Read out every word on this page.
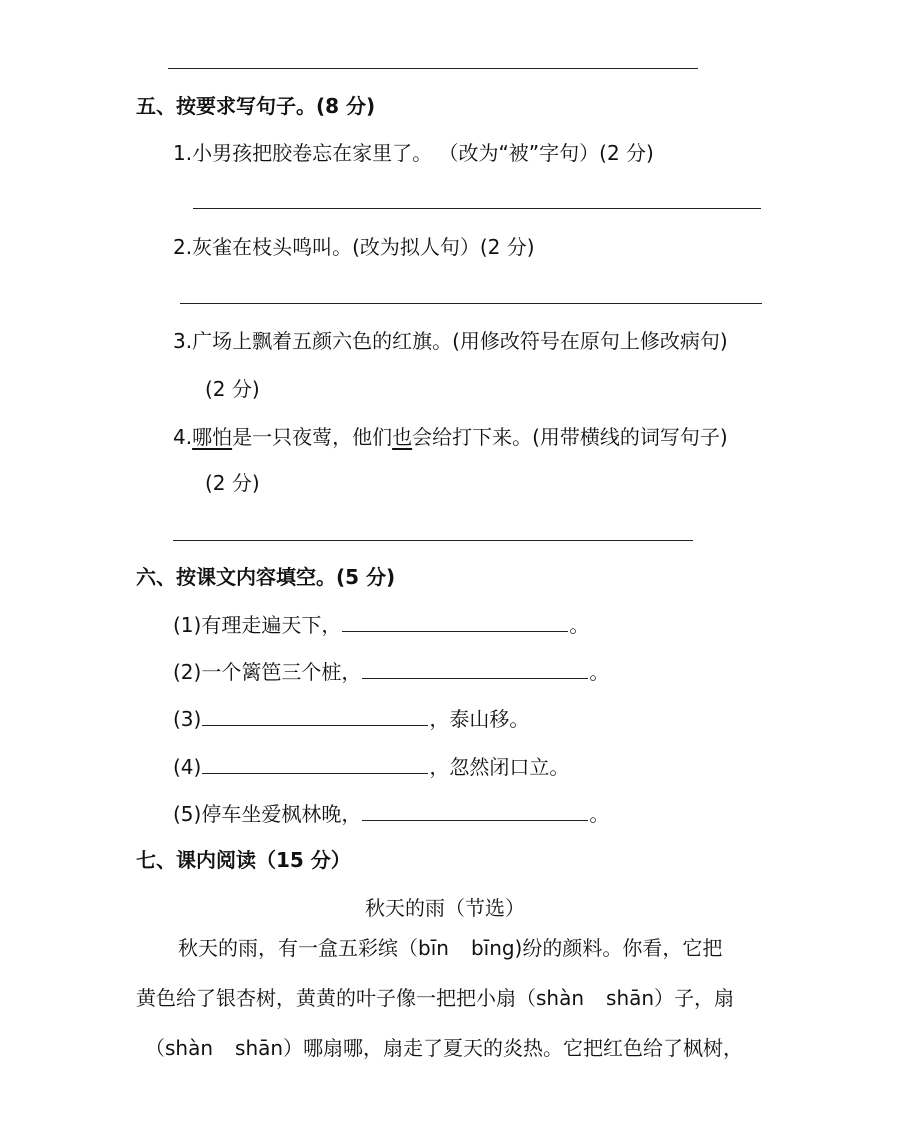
五、按要求写句子。(8 分)
1.小男孩把胶卷忘在家里了。 （改为“被”字句）(2 分)
2.灰雀在枝头鸣叫。(改为拟人句）(2 分)
3.广场上飘着五颜六色的红旗。(用修改符号在原句上修改病句)
(2 分)
4.哪怕是一只夜莺，他们也会给打下来。(用带横线的词写句子)
(2 分)
六、按课文内容填空。(5 分)
(1)有理走遍天下，	。
(2)一个篱笆三个桩，	。
(3)	，泰山移。
(4)	，忽然闭口立。
(5)停车坐爱枫林晚，	。
七、课内阅读（15 分）
秋天的雨（节选）
秋天的雨，有一盒五彩缤（bīn bīng)纷的颜料。你看，它把
黄色给了银杏树，黄黄的叶子像一把把小扇（shàn shān）子，扇
（shàn shān）哪扇哪，扇走了夏天的炎热。它把红色给了枫树，
